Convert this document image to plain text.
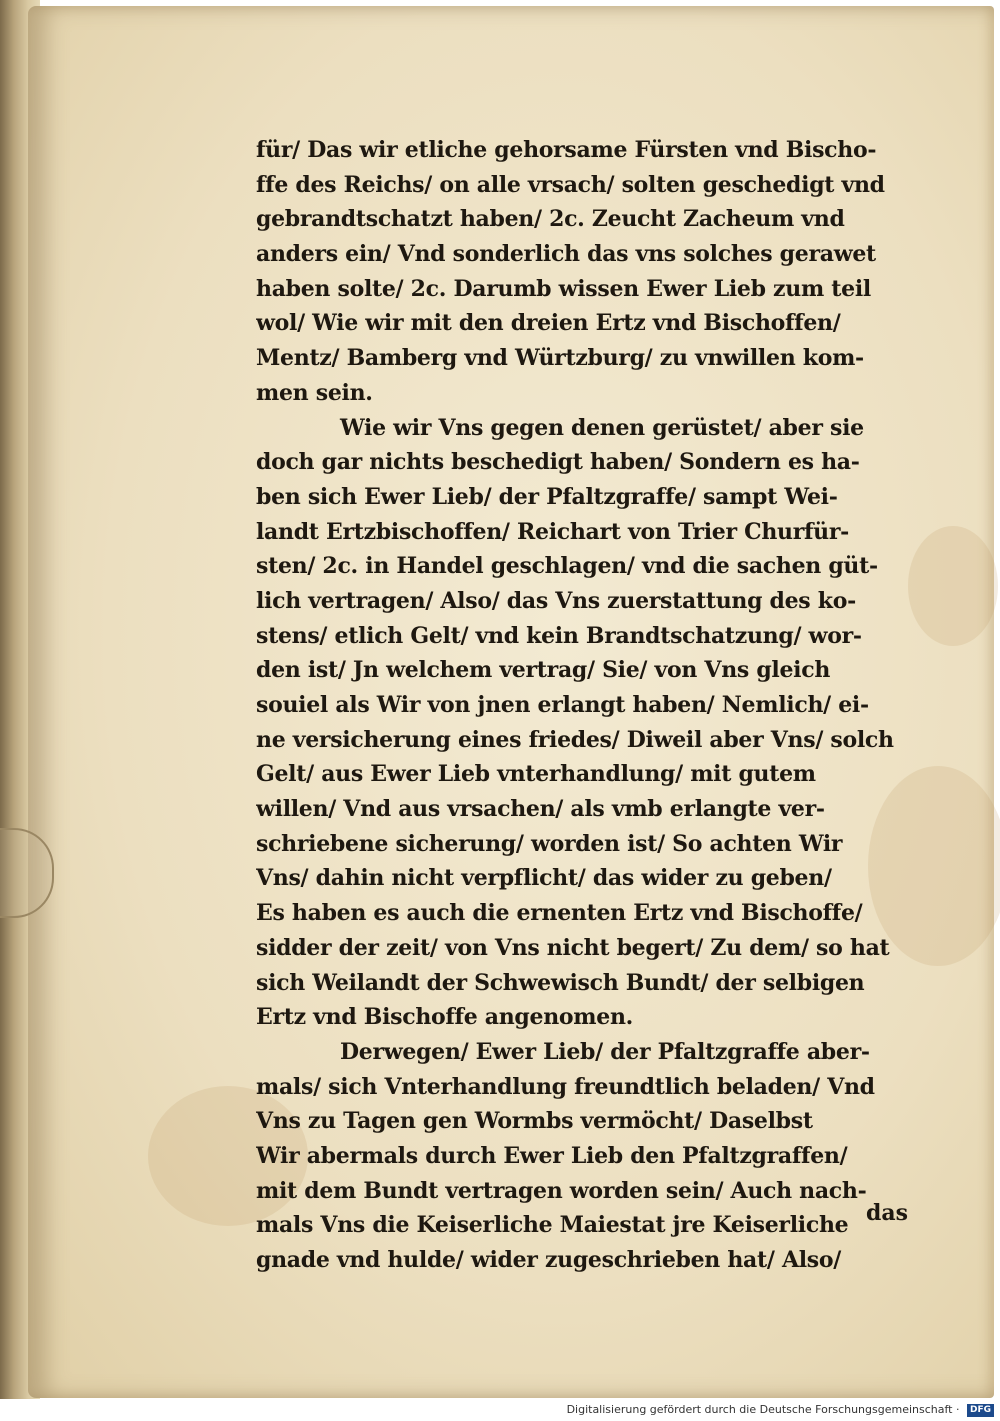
für/ Das wir etliche gehorsame Fürsten vnd Bischo-
ffe des Reichs/ on alle vrsach/ solten geschedigt vnd
gebrandtschatzt haben/ 2c. Zeucht Zacheum vnd
anders ein/ Vnd sonderlich das vns solches gerawet
haben solte/ 2c. Darumb wissen Ewer Lieb zum teil
wol/ Wie wir mit den dreien Ertz vnd Bischoffen/
Mentz/ Bamberg vnd Würtzburg/ zu vnwillen kom-
men sein.
Wie wir Vns gegen denen gerüstet/ aber sie
doch gar nichts beschedigt haben/ Sondern es ha-
ben sich Ewer Lieb/ der Pfaltzgraffe/ sampt Wei-
landt Ertzbischoffen/ Reichart von Trier Churfür-
sten/ 2c. in Handel geschlagen/ vnd die sachen güt-
lich vertragen/ Also/ das Vns zuerstattung des ko-
stens/ etlich Gelt/ vnd kein Brandtschatzung/ wor-
den ist/ Jn welchem vertrag/ Sie/ von Vns gleich
souiel als Wir von jnen erlangt haben/ Nemlich/ ei-
ne versicherung eines friedes/ Diweil aber Vns/ solch
Gelt/ aus Ewer Lieb vnterhandlung/ mit gutem
willen/ Vnd aus vrsachen/ als vmb erlangte ver-
schriebene sicherung/ worden ist/ So achten Wir
Vns/ dahin nicht verpflicht/ das wider zu geben/
Es haben es auch die ernenten Ertz vnd Bischoffe/
sidder der zeit/ von Vns nicht begert/ Zu dem/ so hat
sich Weilandt der Schwewisch Bundt/ der selbigen
Ertz vnd Bischoffe angenomen.
Derwegen/ Ewer Lieb/ der Pfaltzgraffe aber-
mals/ sich Vnterhandlung freundtlich beladen/ Vnd
Vns zu Tagen gen Wormbs vermöcht/ Daselbst
Wir abermals durch Ewer Lieb den Pfaltzgraffen/
mit dem Bundt vertragen worden sein/ Auch nach-
mals Vns die Keiserliche Maiestat jre Keiserliche
gnade vnd hulde/ wider zugeschrieben hat/ Also/
das
Digitalisierung gefördert durch die Deutsche Forschungsgemeinschaft · DFG
